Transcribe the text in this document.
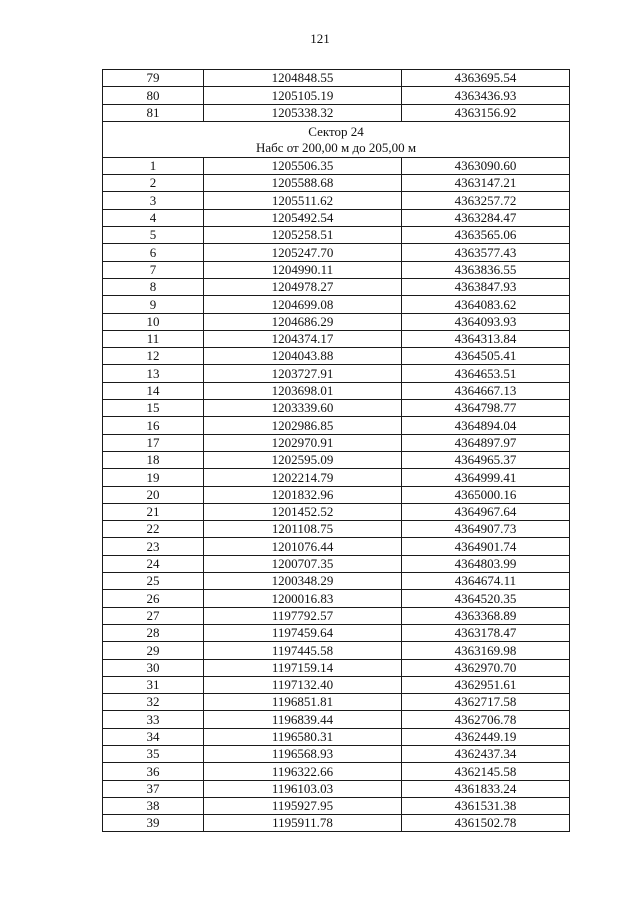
121
79	1204848.55	4363695.54
80	1205105.19	4363436.93
81	1205338.32	4363156.92

Сектор 24
Набс от 200,00 м до 205,00 м		

1	1205506.35	4363090.60
2	1205588.68	4363147.21
3	1205511.62	4363257.72
4	1205492.54	4363284.47
5	1205258.51	4363565.06
6	1205247.70	4363577.43
7	1204990.11	4363836.55
8	1204978.27	4363847.93
9	1204699.08	4364083.62
10	1204686.29	4364093.93
11	1204374.17	4364313.84
12	1204043.88	4364505.41
13	1203727.91	4364653.51
14	1203698.01	4364667.13
15	1203339.60	4364798.77
16	1202986.85	4364894.04
17	1202970.91	4364897.97
18	1202595.09	4364965.37
19	1202214.79	4364999.41
20	1201832.96	4365000.16
21	1201452.52	4364967.64
22	1201108.75	4364907.73
23	1201076.44	4364901.74
24	1200707.35	4364803.99
25	1200348.29	4364674.11
26	1200016.83	4364520.35
27	1197792.57	4363368.89
28	1197459.64	4363178.47
29	1197445.58	4363169.98
30	1197159.14	4362970.70
31	1197132.40	4362951.61
32	1196851.81	4362717.58
33	1196839.44	4362706.78
34	1196580.31	4362449.19
35	1196568.93	4362437.34
36	1196322.66	4362145.58
37	1196103.03	4361833.24
38	1195927.95	4361531.38
39	1195911.78	4361502.78
